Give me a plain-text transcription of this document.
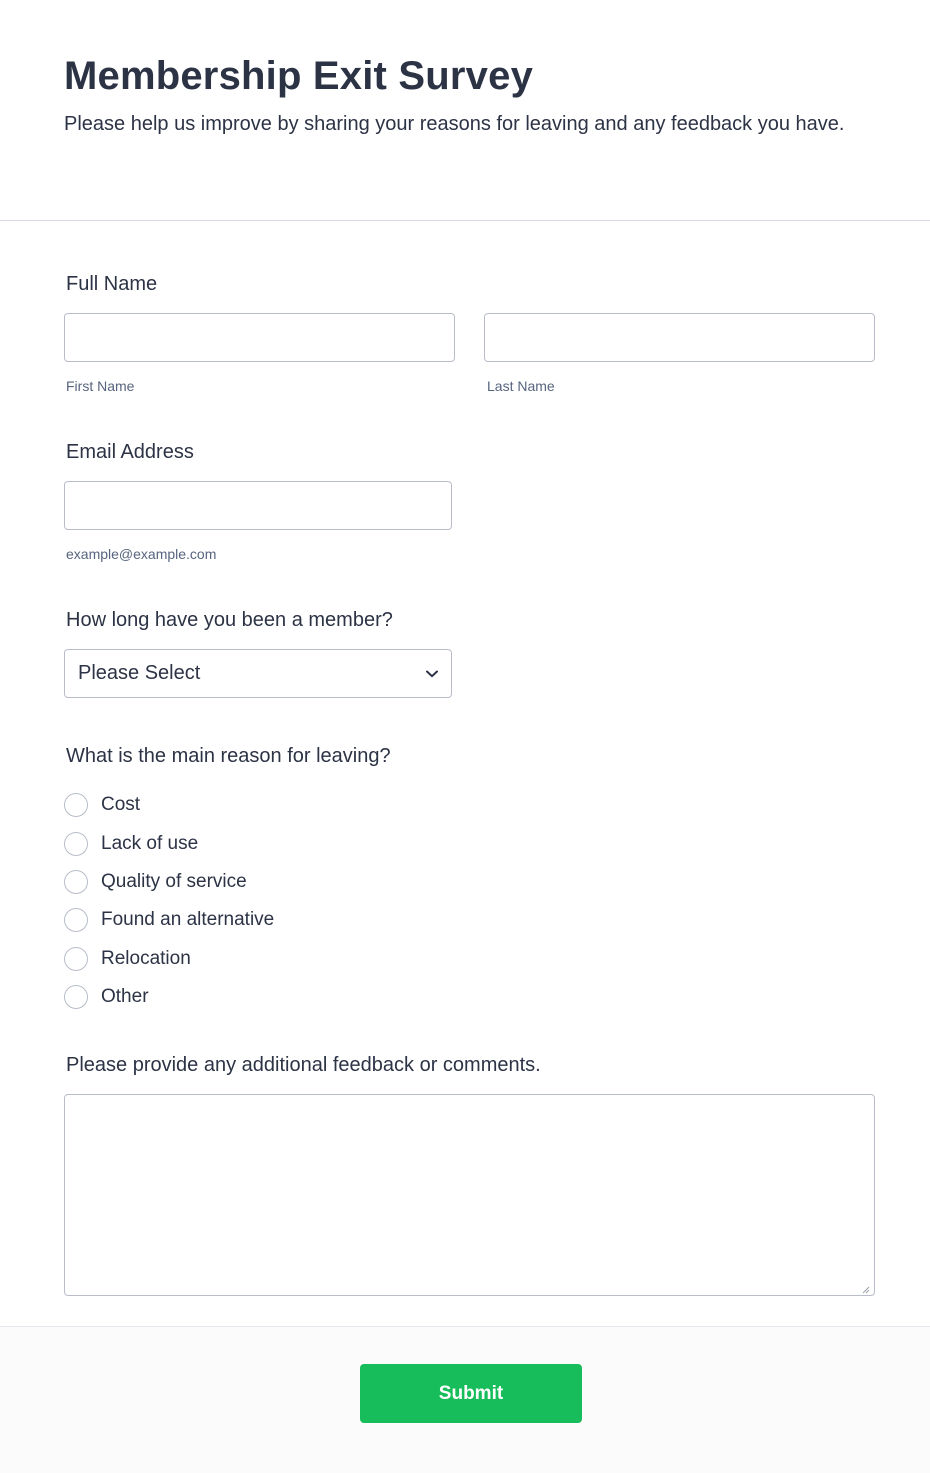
Membership Exit Survey

Please help us improve by sharing your reasons for leaving and any feedback you have.

Full Name
First Name	Last Name
Email Address
example@example.com
How long have you been a member?
Please Select
What is the main reason for leaving?
Cost
Lack of use
Quality of service
Found an alternative
Relocation
Other
Please provide any additional feedback or comments.
Submit
